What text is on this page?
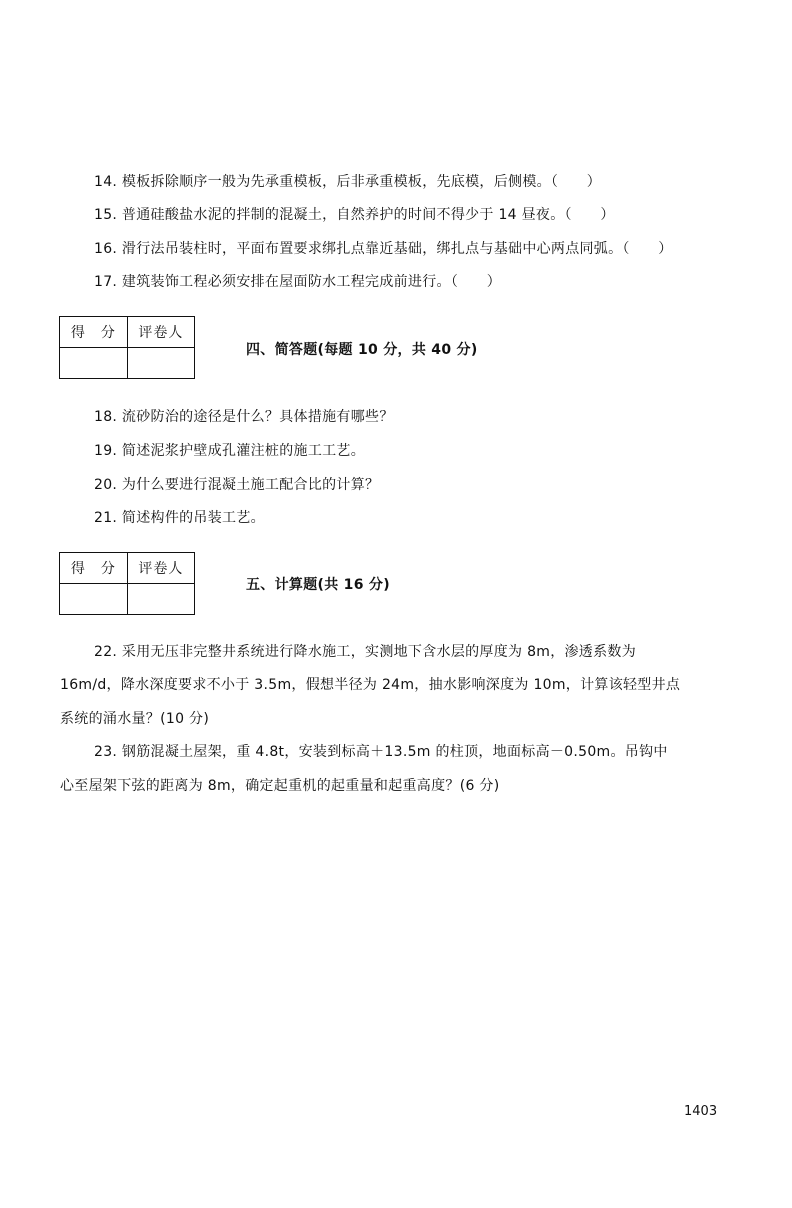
14. 模板拆除顺序一般为先承重模板，后非承重模板，先底模，后侧模。（　　）
15. 普通硅酸盐水泥的拌制的混凝土，自然养护的时间不得少于 14 昼夜。（　　）
16. 滑行法吊装柱时，平面布置要求绑扎点靠近基础，绑扎点与基础中心两点同弧。（　　）
17. 建筑装饰工程必须安排在屋面防水工程完成前进行。（　　）
得　分	评卷人

四、简答题(每题 10 分，共 40 分)
18. 流砂防治的途径是什么？具体措施有哪些？
19. 简述泥浆护壁成孔灌注桩的施工工艺。
20. 为什么要进行混凝土施工配合比的计算？
21. 简述构件的吊装工艺。
得　分	评卷人

五、计算题(共 16 分)
22. 采用无压非完整井系统进行降水施工，实测地下含水层的厚度为 8m，渗透系数为
16m/d，降水深度要求不小于 3.5m，假想半径为 24m，抽水影响深度为 10m，计算该轻型井点
系统的涌水量？(10 分)
23. 钢筋混凝土屋架，重 4.8t，安装到标高＋13.5m 的柱顶，地面标高－0.50m。吊钩中
心至屋架下弦的距离为 8m，确定起重机的起重量和起重高度？(6 分)
1403
